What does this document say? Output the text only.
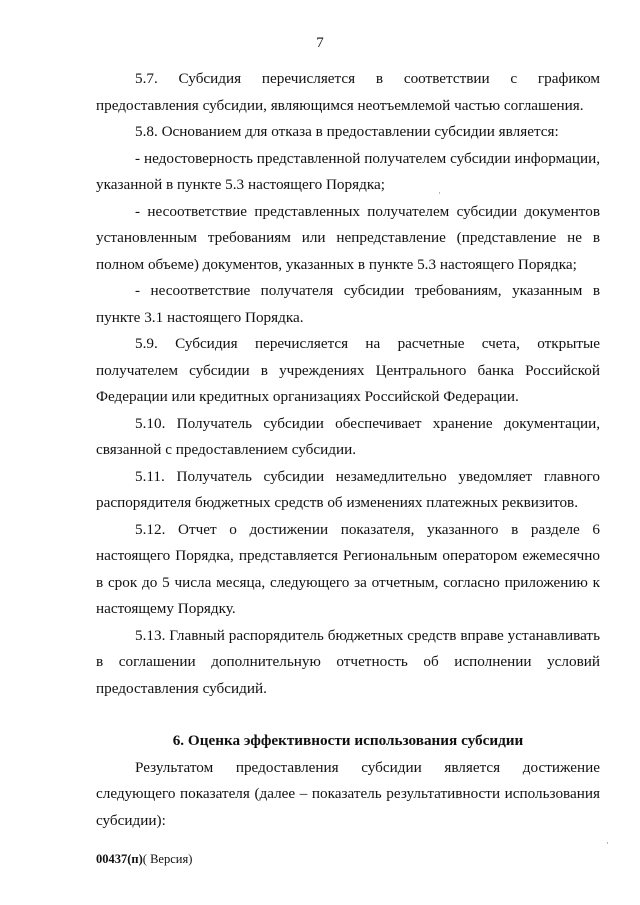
7

5.7. Субсидия перечисляется в соответствии с графиком предоставления субсидии, являющимся неотъемлемой частью соглашения.

5.8. Основанием для отказа в предоставлении субсидии является:

- недостоверность представленной получателем субсидии информации, указанной в пункте 5.3 настоящего Порядка;

- несоответствие представленных получателем субсидии документов установленным требованиям или непредставление (представление не в полном объеме) документов, указанных в пункте 5.3 настоящего Порядка;

- несоответствие получателя субсидии требованиям, указанным в пункте 3.1 настоящего Порядка.

5.9. Субсидия перечисляется на расчетные счета, открытые получателем субсидии в учреждениях Центрального банка Российской Федерации или кредитных организациях Российской Федерации.

5.10. Получатель субсидии обеспечивает хранение документации, связанной с предоставлением субсидии.

5.11. Получатель субсидии незамедлительно уведомляет главного распорядителя бюджетных средств об изменениях платежных реквизитов.

5.12. Отчет о достижении показателя, указанного в разделе 6 настоящего Порядка, представляется Региональным оператором ежемесячно в срок до 5 числа месяца, следующего за отчетным, согласно приложению к настоящему Порядку.

5.13. Главный распорядитель бюджетных средств вправе устанавливать в соглашении дополнительную отчетность об исполнении условий предоставления субсидий.

6. Оценка эффективности использования субсидии

Результатом предоставления субсидии является достижение следующего показателя (далее – показатель результативности использования субсидии):

00437(п)( Версия)
·
·
